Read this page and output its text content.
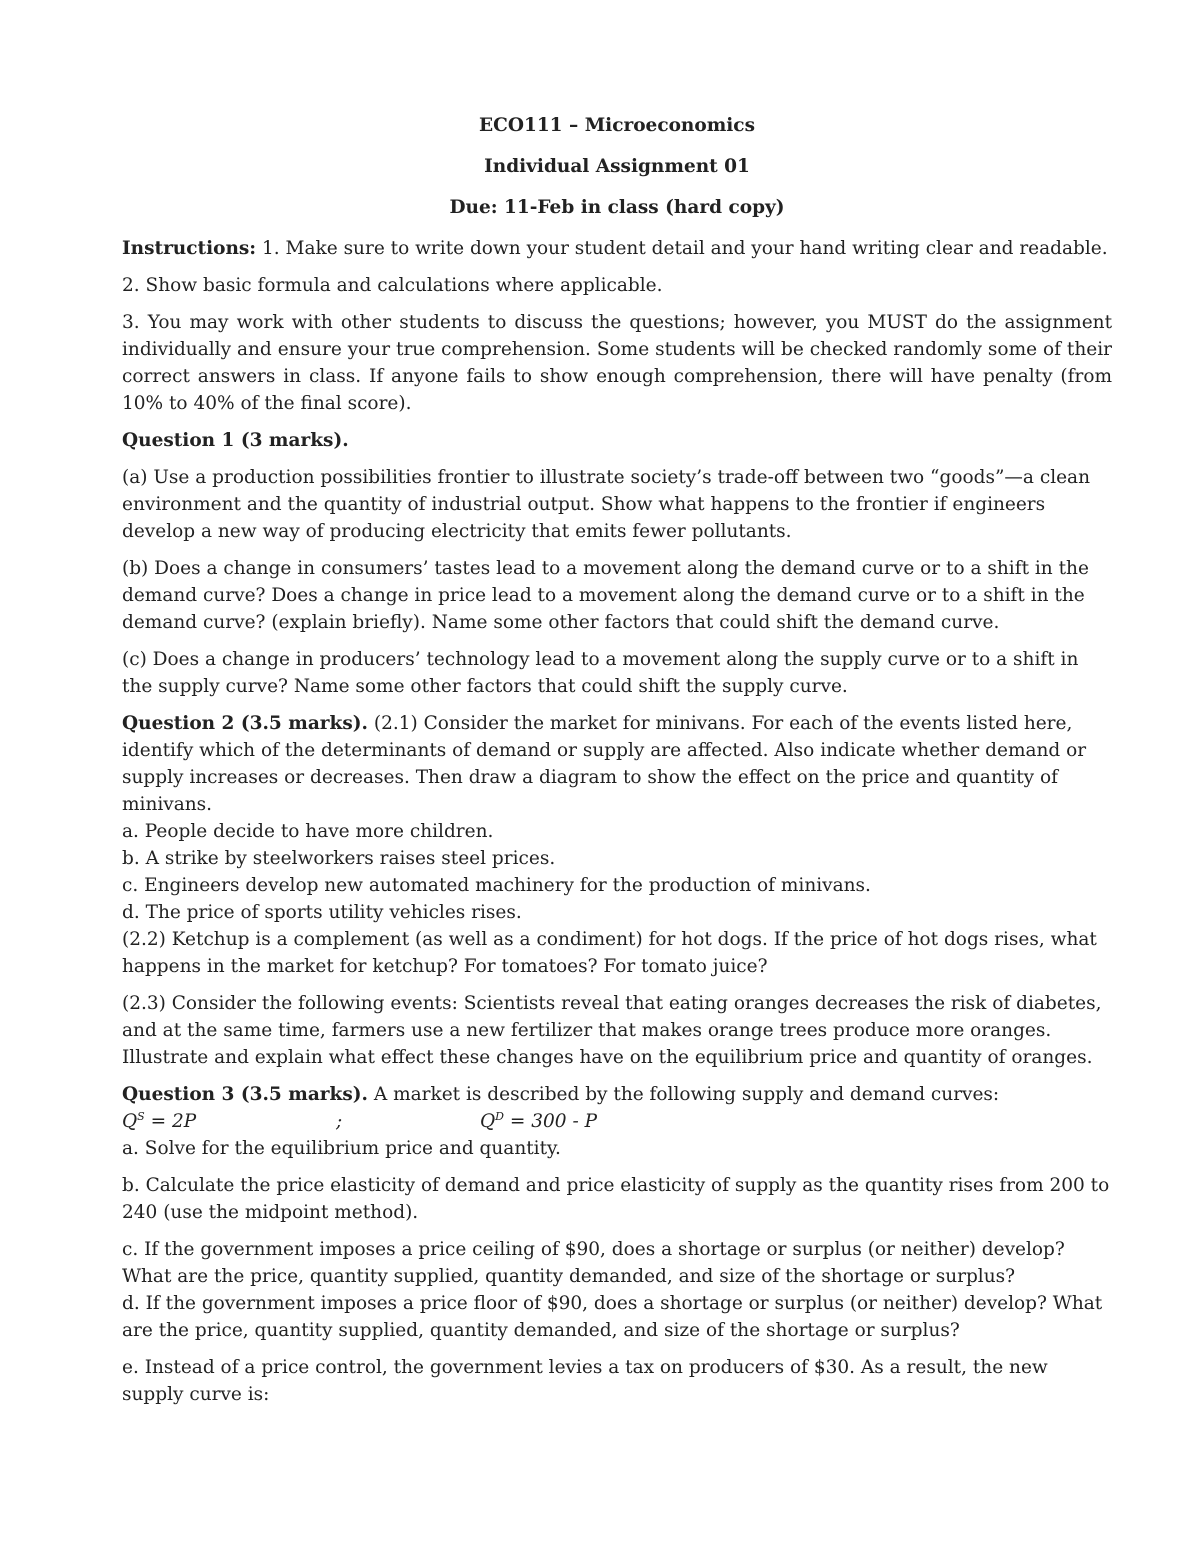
ECO111 – Microeconomics

Individual Assignment 01

Due: 11-Feb in class (hard copy)

Instructions: 1. Make sure to write down your student detail and your hand writing clear and readable.

2. Show basic formula and calculations where applicable.

3. You may work with other students to discuss the questions; however, you MUST do the assignment individually and ensure your true comprehension. Some students will be checked randomly some of their correct answers in class. If anyone fails to show enough comprehension, there will have penalty (from 10% to 40% of the final score).

Question 1 (3 marks).

(a) Use a production possibilities frontier to illustrate society’s trade-off between two “goods”—a clean environment and the quantity of industrial output. Show what happens to the frontier if engineers develop a new way of producing electricity that emits fewer pollutants.

(b) Does a change in consumers’ tastes lead to a movement along the demand curve or to a shift in the demand curve? Does a change in price lead to a movement along the demand curve or to a shift in the demand curve? (explain briefly). Name some other factors that could shift the demand curve.

(c) Does a change in producers’ technology lead to a movement along the supply curve or to a shift in the supply curve? Name some other factors that could shift the supply curve.

Question 2 (3.5 marks). (2.1) Consider the market for minivans. For each of the events listed here, identify which of the determinants of demand or supply are affected. Also indicate whether demand or supply increases or decreases. Then draw a diagram to show the effect on the price and quantity of minivans.

a. People decide to have more children.

b. A strike by steelworkers raises steel prices.

c. Engineers develop new automated machinery for the production of minivans.

d. The price of sports utility vehicles rises.

(2.2) Ketchup is a complement (as well as a condiment) for hot dogs. If the price of hot dogs rises, what happens in the market for ketchup? For tomatoes? For tomato juice?

(2.3) Consider the following events: Scientists reveal that eating oranges decreases the risk of diabetes, and at the same time, farmers use a new fertilizer that makes orange trees produce more oranges. Illustrate and explain what effect these changes have on the equilibrium price and quantity of oranges.

Question 3 (3.5 marks). A market is described by the following supply and demand curves:

$Q^S = 2P$	;	$Q^D = 300 - P$

a. Solve for the equilibrium price and quantity.

b. Calculate the price elasticity of demand and price elasticity of supply as the quantity rises from 200 to 240 (use the midpoint method).

c. If the government imposes a price ceiling of $90, does a shortage or surplus (or neither) develop? What are the price, quantity supplied, quantity demanded, and size of the shortage or surplus?

d. If the government imposes a price floor of $90, does a shortage or surplus (or neither) develop? What are the price, quantity supplied, quantity demanded, and size of the shortage or surplus?

e. Instead of a price control, the government levies a tax on producers of $30. As a result, the new supply curve is:
